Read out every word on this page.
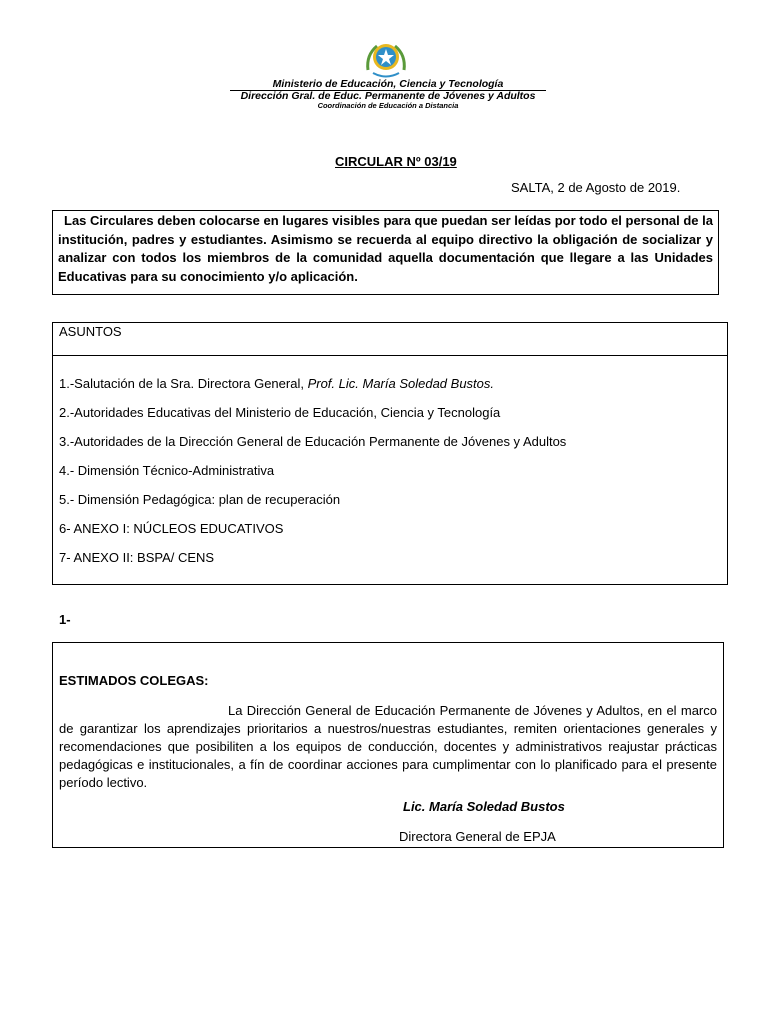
Ministerio de Educación, Ciencia y Tecnología
Dirección Gral. de Educ. Permanente de Jóvenes y Adultos
Coordinación de Educación a Distancia
CIRCULAR Nº 03/19
SALTA, 2 de Agosto de 2019.

Las Circulares deben colocarse en lugares visibles para que puedan ser leídas por todo el personal de la institución, padres y estudiantes. Asimismo se recuerda al equipo directivo la obligación de socializar y analizar con todos los miembros de la comunidad aquella documentación que llegare a las Unidades Educativas para su conocimiento y/o aplicación.

ASUNTOS
1.-Salutación de la Sra. Directora General, Prof. Lic. María Soledad Bustos.
2.-Autoridades Educativas del Ministerio de Educación, Ciencia y Tecnología
3.-Autoridades de la Dirección General de Educación Permanente de Jóvenes y Adultos
4.- Dimensión Técnico-Administrativa
5.- Dimensión Pedagógica: plan de recuperación
6- ANEXO I: NÚCLEOS EDUCATIVOS
7- ANEXO II: BSPA/ CENS
1-
ESTIMADOS COLEGAS:

La Dirección General de Educación Permanente de Jóvenes y Adultos, en el marco de garantizar los aprendizajes prioritarios a nuestros/nuestras estudiantes, remiten orientaciones generales y recomendaciones que posibiliten a los equipos de conducción, docentes y administrativos reajustar prácticas pedagógicas e institucionales, a fín de coordinar acciones para cumplimentar con lo planificado para el presente período lectivo.

Lic. María Soledad Bustos
Directora General de EPJA
